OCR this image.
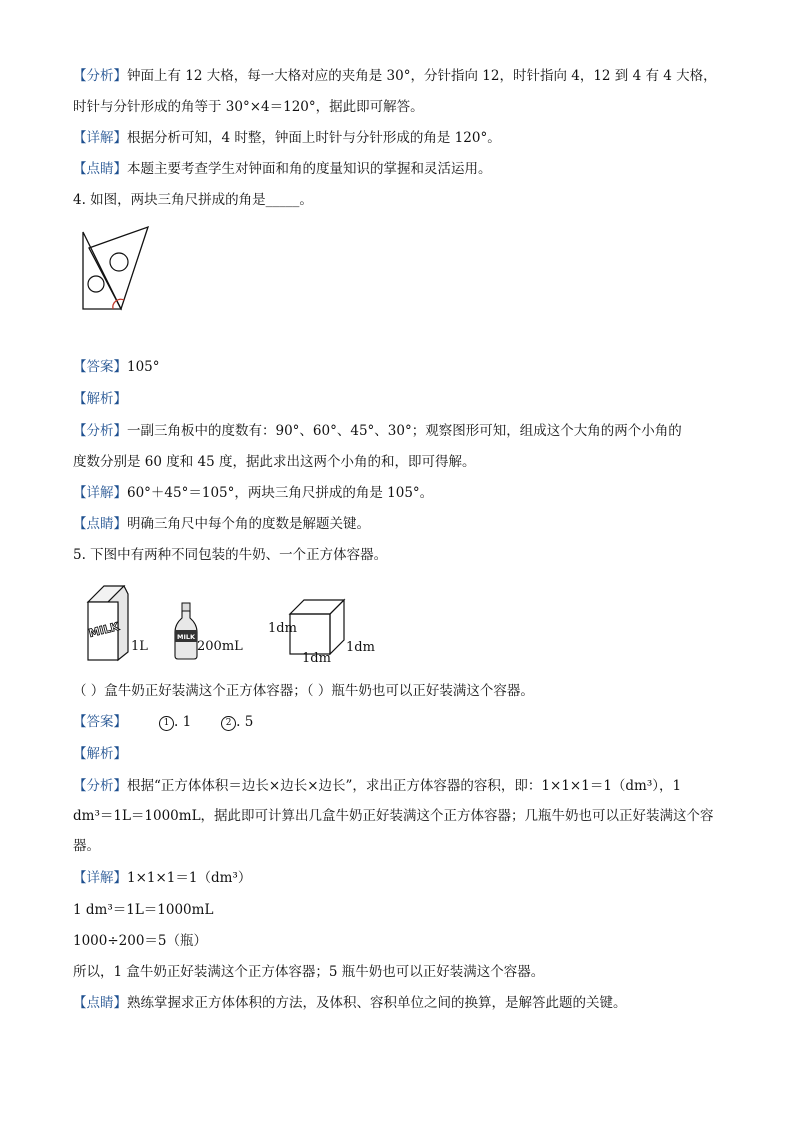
【分析】钟面上有 12 大格，每一大格对应的夹角是 30°，分针指向 12，时针指向 4，12 到 4 有 4 大格，
时针与分针形成的角等于 30°×4＝120°，据此即可解答。
【详解】根据分析可知，4 时整，钟面上时针与分针形成的角是 120°。
【点睛】本题主要考查学生对钟面和角的度量知识的掌握和灵活运用。
4. 如图，两块三角尺拼成的角是_____。
【答案】105°
【解析】
【分析】一副三角板中的度数有：90°、60°、45°、30°；观察图形可知，组成这个大角的两个小角的
度数分别是 60 度和 45 度，据此求出这两个小角的和，即可得解。
【详解】60°＋45°＝105°，两块三角尺拼成的角是 105°。
【点睛】明确三角尺中每个角的度数是解题关键。
5. 下图中有两种不同包装的牛奶、一个正方体容器。
MILK	MILK
1L	200mL
1dm
1dm
1dm
（ ）盒牛奶正好装满这个正方体容器；（ ）瓶牛奶也可以正好装满这个容器。
【答案】	1 . 1	2 . 5
【解析】
【分析】根据“正方体体积＝边长×边长×边长”，求出正方体容器的容积，即：1×1×1＝1（dm³），1
dm³＝1L＝1000mL，据此即可计算出几盒牛奶正好装满这个正方体容器；几瓶牛奶也可以正好装满这个容
器。
【详解】1×1×1＝1（dm³）
1 dm³＝1L＝1000mL
1000÷200＝5（瓶）
所以，1 盒牛奶正好装满这个正方体容器；5 瓶牛奶也可以正好装满这个容器。
【点睛】熟练掌握求正方体体积的方法，及体积、容积单位之间的换算，是解答此题的关键。
